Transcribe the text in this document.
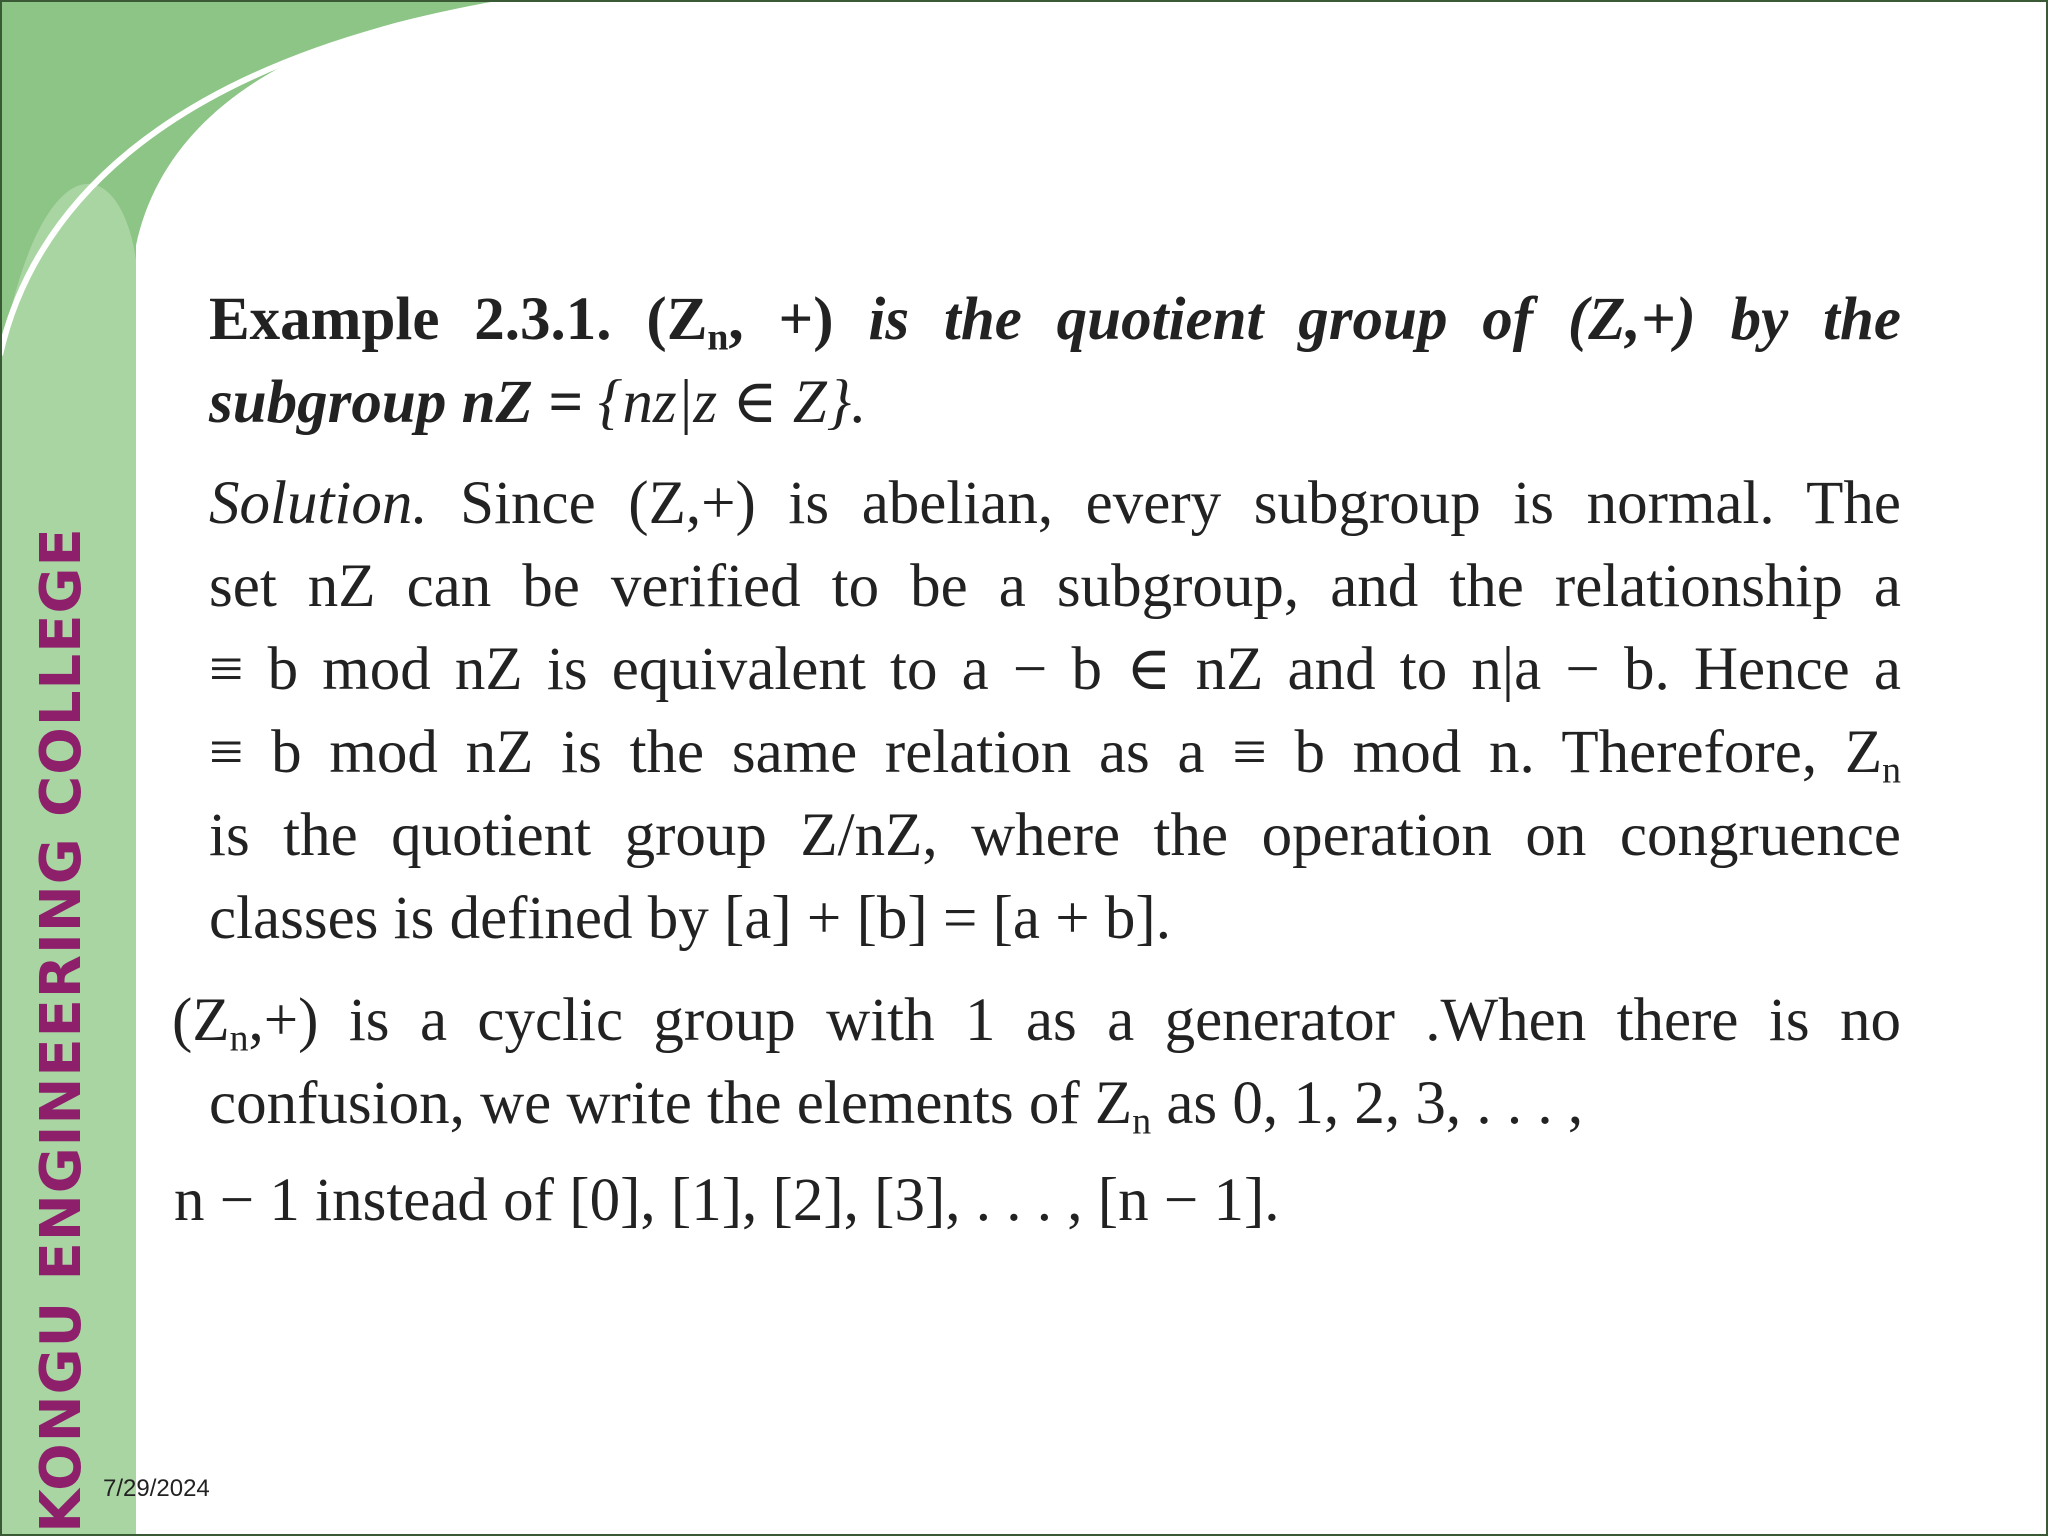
KONGU ENGINEERING COLLEGE
Example 2.3.1. ($Z_n$, +) is the quotient group of (Z,+) by the
subgroup nZ = {nz|z ∈ Z}.
Solution. Since (Z,+) is abelian, every subgroup is normal. The
set nZ can be verified to be a subgroup, and the relationship a
≡ b mod nZ is equivalent to a − b ∈ nZ and to n|a − b. Hence a
≡ b mod nZ is the same relation as a ≡ b mod n. Therefore, $Z_n$
is the quotient group Z/nZ, where the operation on congruence
classes is defined by [a] + [b] = [a + b].
$(Z_n,+)$ is a cyclic group with 1 as a generator .When there is no
confusion, we write the elements of $Z_n$ as 0, 1, 2, 3, . . . ,
n − 1 instead of [0], [1], [2], [3], . . . , [n − 1].
7/29/2024
